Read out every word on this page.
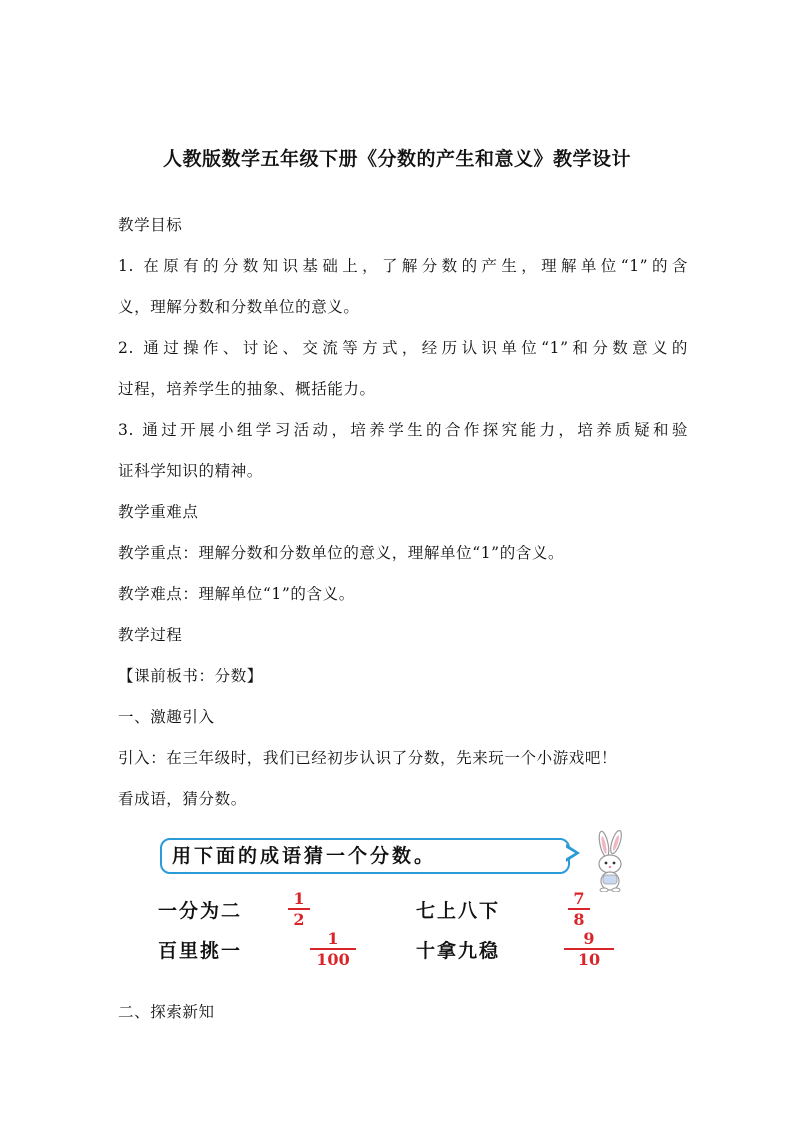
人教版数学五年级下册《分数的产生和意义》教学设计
教学目标
1. 在原有的分数知识基础上，了解分数的产生，理解单位“1”的含
义，理解分数和分数单位的意义。
2. 通过操作、讨论、交流等方式，经历认识单位“1”和分数意义的
过程，培养学生的抽象、概括能力。
3. 通过开展小组学习活动，培养学生的合作探究能力，培养质疑和验
证科学知识的精神。
教学重难点
教学重点：理解分数和分数单位的意义，理解单位“1”的含义。
教学难点：理解单位“1”的含义。
教学过程
【课前板书：分数】
一、激趣引入
引入：在三年级时，我们已经初步认识了分数，先来玩一个小游戏吧！
看成语，猜分数。
用下面的成语猜一个分数。
一分为二
1
2	七上八下
7
8
百里挑一
1
100	十拿九稳
9
10
二、探索新知
